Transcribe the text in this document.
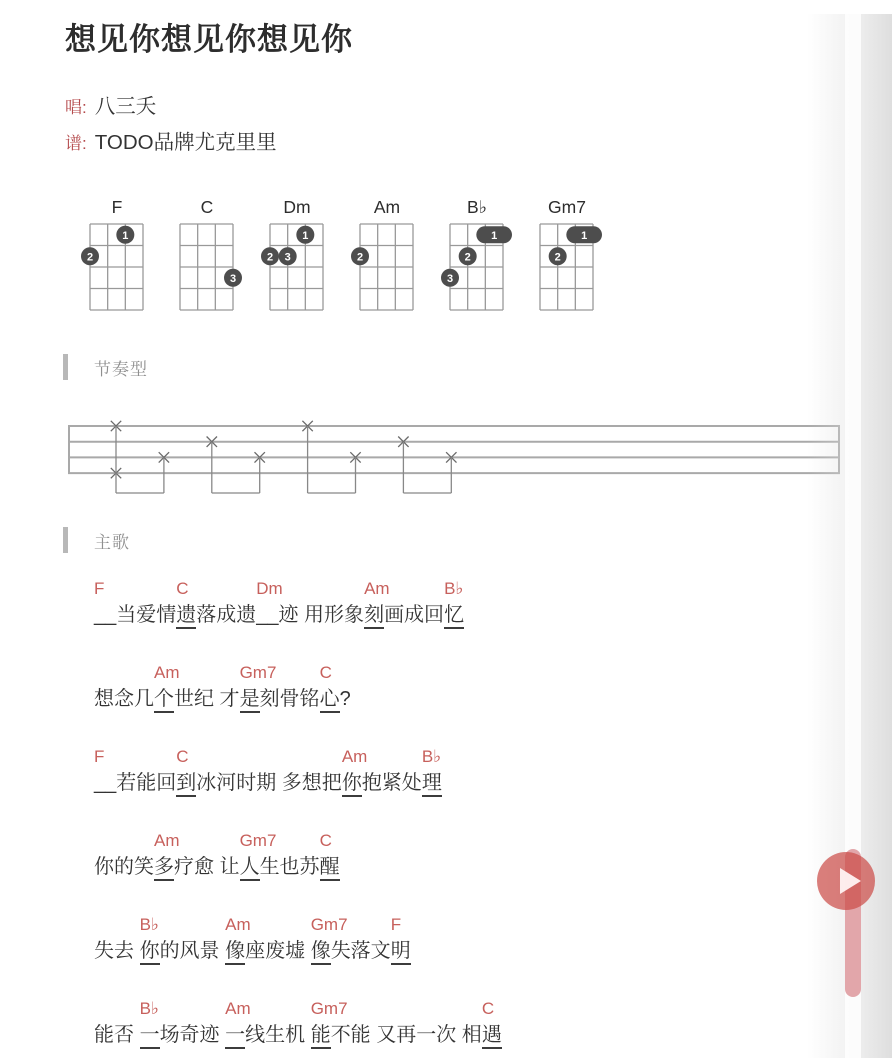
想见你想见你想见你
唱: 八三夭
谱: TODO品牌尤克里里
F
1
2
C
3
Dm
1
2 3
Am
2
B♭
1
2
3
Gm7
1
2
节奏型
主歌
F
__当爱情
C
遗落成遗
Dm
__迹 用形象
Am
刻画成回
B♭
忆
想念几
Am
个世纪 才
Gm7
是刻骨铭
C
心?
F
__若能回
C
到冰河时期 多想把
Am
你抱紧处
B♭
理
你的笑
Am
多疗愈 让
Gm7
人生也苏
C
醒
失去
B♭
你的风景
Am
像座废墟
Gm7
像失落文
F
明
能否
B♭
一场奇迹
Am
一线生机
Gm7
能不能 又再一次 相
C
遇
